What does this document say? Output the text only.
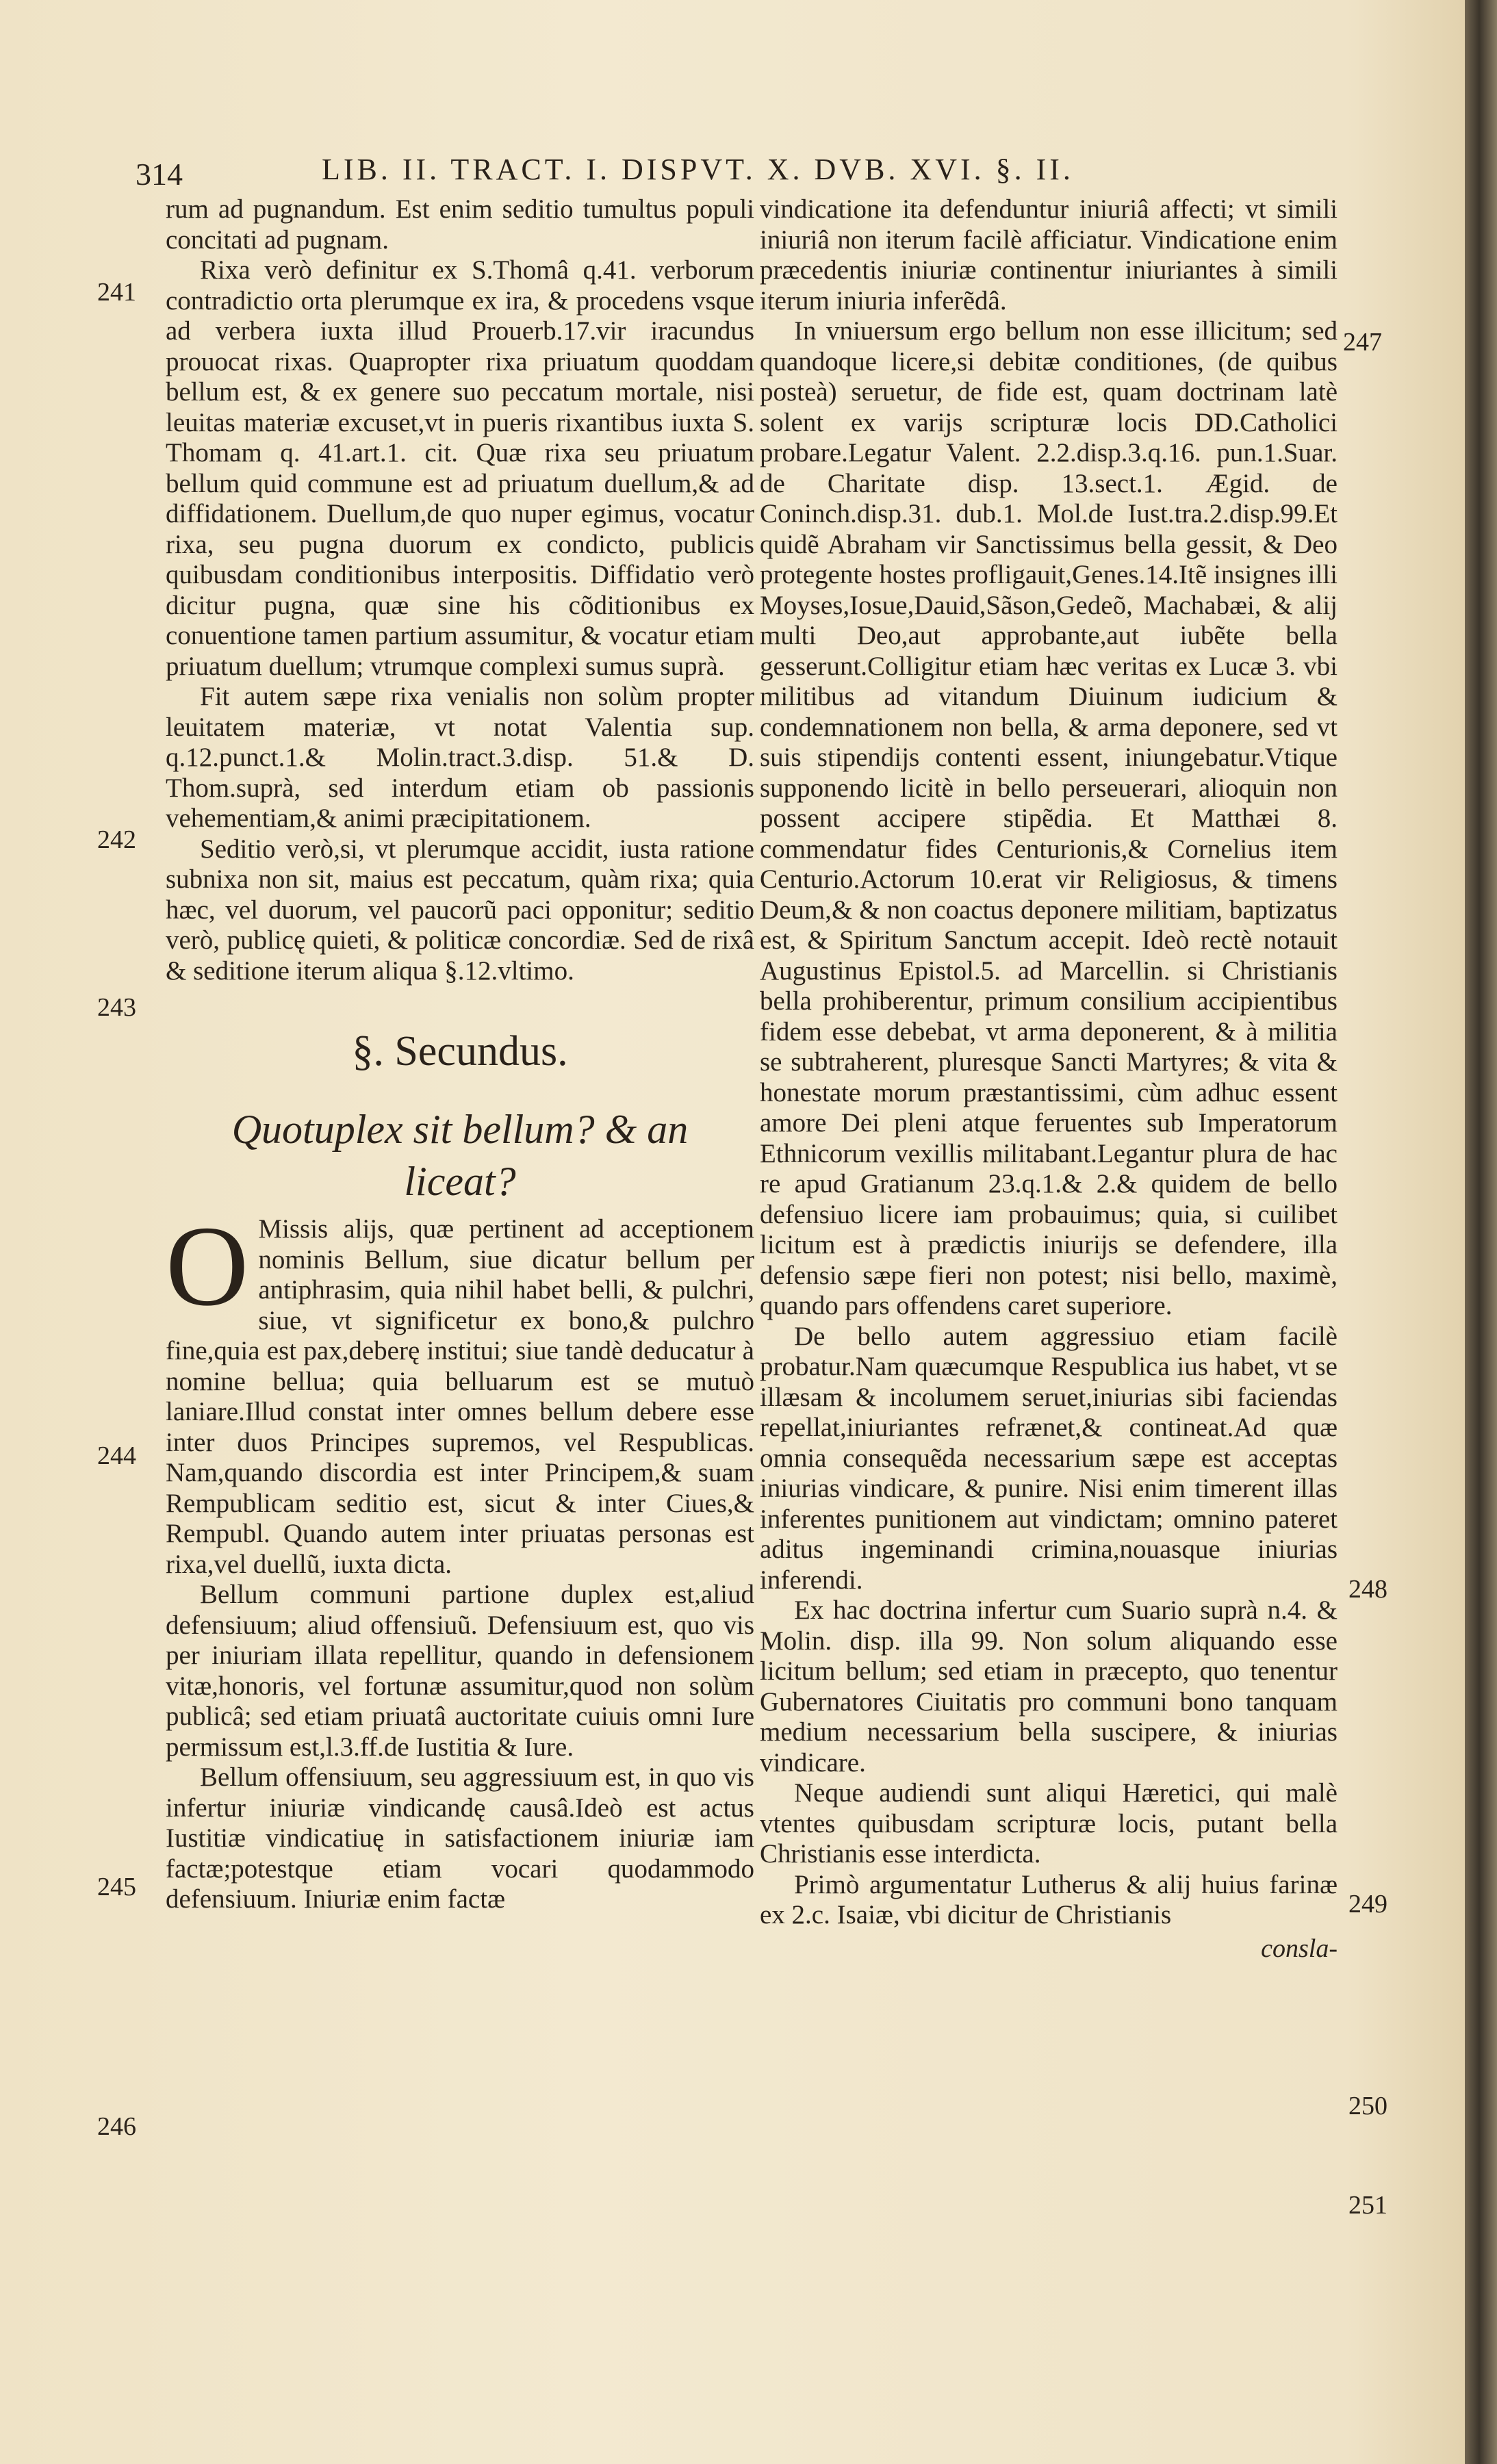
314	LIB. II. TRACT. I. DISPVT. X. DVB. XVI. §. II.

rum ad pugnandum. Est enim seditio tumultus populi concitati ad pugnam.

Rixa verò definitur ex S.Thomâ q.41. verborum contradictio orta plerumque ex ira, & procedens vsque ad verbera iuxta illud Prouerb.17.vir iracundus prouocat rixas. Quapropter rixa priuatum quoddam bellum est, & ex genere suo peccatum mortale, nisi leuitas materiæ excuset,vt in pueris rixantibus iuxta S. Thomam q. 41.art.1. cit. Quæ rixa seu priuatum bellum quid commune est ad priuatum duellum,& ad diffidationem. Duellum,de quo nuper egimus, vocatur rixa, seu pugna duorum ex condicto, publicis quibusdam conditionibus interpositis. Diffidatio verò dicitur pugna, quæ sine his cõditionibus ex conuentione tamen partium assumitur, & vocatur etiam priuatum duellum; vtrumque complexi sumus suprà.

Fit autem sæpe rixa venialis non solùm propter leuitatem materiæ, vt notat Valentia sup. q.12.punct.1.& Molin.tract.3.disp. 51.& D. Thom.suprà, sed interdum etiam ob passionis vehementiam,& animi præcipitationem.

Seditio verò,si, vt plerumque accidit, iusta ratione subnixa non sit, maius est peccatum, quàm rixa; quia hæc, vel duorum, vel paucorũ paci opponitur; seditio verò, publicę quieti, & politicæ concordiæ. Sed de rixâ & seditione iterum aliqua §.12.vltimo.

§. Secundus.
Quotuplex sit bellum? & an
liceat?

O Missis alijs, quæ pertinent ad acceptionem nominis Bellum, siue dicatur bellum per antiphrasim, quia nihil habet belli, & pulchri, siue, vt significetur ex bono,& pulchro fine,quia est pax,deberę institui; siue tandè deducatur à nomine bellua; quia belluarum est se mutuò laniare.Illud constat inter omnes bellum debere esse inter duos Principes supremos, vel Respublicas. Nam,quando discordia est inter Principem,& suam Rempublicam seditio est, sicut & inter Ciues,& Rempubl. Quando autem inter priuatas personas est rixa,vel duellũ, iuxta dicta.

Bellum communi partione duplex est,aliud defensiuum; aliud offensiuũ. Defensiuum est, quo vis per iniuriam illata repellitur, quando in defensionem vitæ,honoris, vel fortunæ assumitur,quod non solùm publicâ; sed etiam priuatâ auctoritate cuiuis omni Iure permissum est,l.3.ff.de Iustitia & Iure.

Bellum offensiuum, seu aggressiuum est, in quo vis infertur iniuriæ vindicandę causâ.Ideò est actus Iustitiæ vindicatiuę in satisfactionem iniuriæ iam factæ;potestque etiam vocari quodammodo defensiuum. Iniuriæ enim factæ

vindicatione ita defenduntur iniuriâ affecti; vt simili iniuriâ non iterum facilè afficiatur. Vindicatione enim præcedentis iniuriæ continentur iniuriantes à simili iterum iniuria inferẽdâ.

In vniuersum ergo bellum non esse illicitum; sed quandoque licere,si debitæ conditiones, (de quibus posteà) seruetur, de fide est, quam doctrinam latè solent ex varijs scripturæ locis DD.Catholici probare.Legatur Valent. 2.2.disp.3.q.16. pun.1.Suar. de Charitate disp. 13.sect.1. Ægid. de Coninch.disp.31. dub.1. Mol.de Iust.tra.2.disp.99.Et quidẽ Abraham vir Sanctissimus bella gessit, & Deo protegente hostes profligauit,Genes.14.Itẽ insignes illi Moyses,Iosue,Dauid,Sãson,Gedeõ, Machabæi, & alij multi Deo,aut approbante,aut iubẽte bella gesserunt.Colligitur etiam hæc veritas ex Lucæ 3. vbi militibus ad vitandum Diuinum iudicium & condemnationem non bella, & arma deponere, sed vt suis stipendijs contenti essent, iniungebatur.Vtique supponendo licitè in bello perseuerari, alioquin non possent accipere stipẽdia. Et Matthæi 8. commendatur fides Centurionis,& Cornelius item Centurio.Actorum 10.erat vir Religiosus, & timens Deum,& & non coactus deponere militiam, baptizatus est, & Spiritum Sanctum accepit. Ideò rectè notauit Augustinus Epistol.5. ad Marcellin. si Christianis bella prohiberentur, primum consilium accipientibus fidem esse debebat, vt arma deponerent, & à militia se subtraherent, pluresque Sancti Martyres; & vita & honestate morum præstantissimi, cùm adhuc essent amore Dei pleni atque feruentes sub Imperatorum Ethnicorum vexillis militabant.Legantur plura de hac re apud Gratianum 23.q.1.& 2.& quidem de bello defensiuo licere iam probauimus; quia, si cuilibet licitum est à prædictis iniurijs se defendere, illa defensio sæpe fieri non potest; nisi bello, maximè, quando pars offendens caret superiore.

De bello autem aggressiuo etiam facilè probatur.Nam quæcumque Respublica ius habet, vt se illæsam & incolumem seruet,iniurias sibi faciendas repellat,iniuriantes refrænet,& contineat.Ad quæ omnia consequẽda necessarium sæpe est acceptas iniurias vindicare, & punire. Nisi enim timerent illas inferentes punitionem aut vindictam; omnino pateret aditus ingeminandi crimina,nouasque iniurias inferendi.

Ex hac doctrina infertur cum Suario suprà n.4. & Molin. disp. illa 99. Non solum aliquando esse licitum bellum; sed etiam in præcepto, quo tenentur Gubernatores Ciuitatis pro communi bono tanquam medium necessarium bella suscipere, & iniurias vindicare.

Neque audiendi sunt aliqui Hæretici, qui malè vtentes quibusdam scripturæ locis, putant bella Christianis esse interdicta.

Primò argumentatur Lutherus & alij huius farinæ ex 2.c. Isaiæ, vbi dicitur de Christianis

consla-
241
242
243
244
245
246
247
248
249
250
251
